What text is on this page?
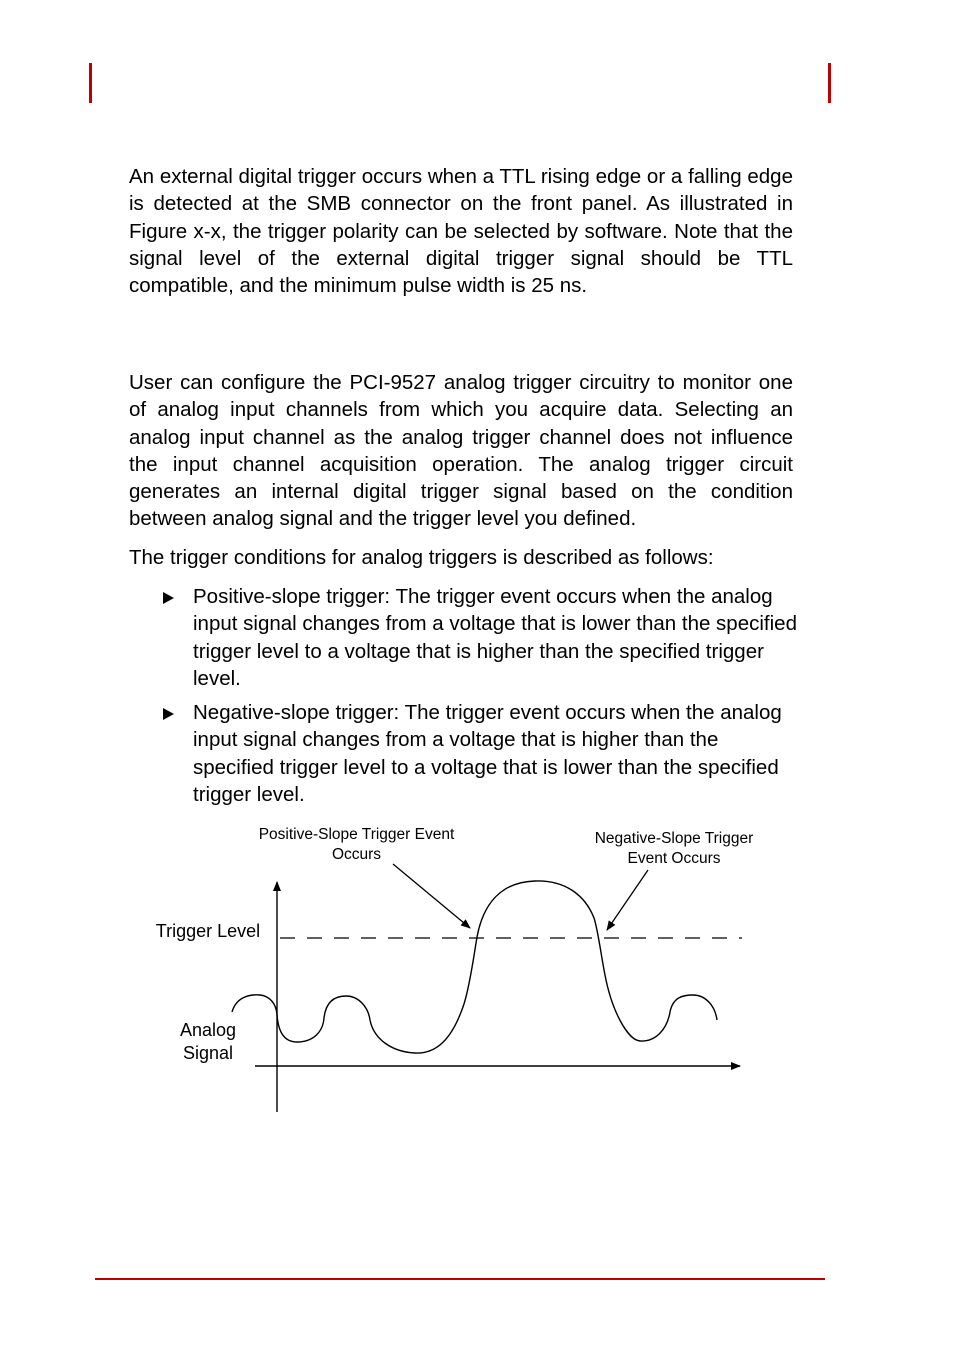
An external digital trigger occurs when a TTL rising edge or a falling edge is detected at the SMB connector on the front panel. As illustrated in Figure x-x, the trigger polarity can be selected by software. Note that the signal level of the external digital trigger signal should be TTL compatible, and the minimum pulse width is 25 ns.

User can configure the PCI-9527 analog trigger circuitry to monitor one of analog input channels from which you acquire data. Selecting an analog input channel as the analog trigger channel does not influence the input channel acquisition operation. The analog trigger circuit generates an internal digital trigger signal based on the condition between analog signal and the trigger level you defined.

The trigger conditions for analog triggers is described as follows:

Positive-slope trigger: The trigger event occurs when the analog input signal changes from a voltage that is lower than the specified trigger level to a voltage that is higher than the specified trigger level.
Negative-slope trigger: The trigger event occurs when the analog input signal changes from a voltage that is higher than the specified trigger level to a voltage that is lower than the specified trigger level.
Positive-Slope Trigger Event
Occurs
Negative-Slope Trigger
Event Occurs
Trigger Level
Analog
Signal
